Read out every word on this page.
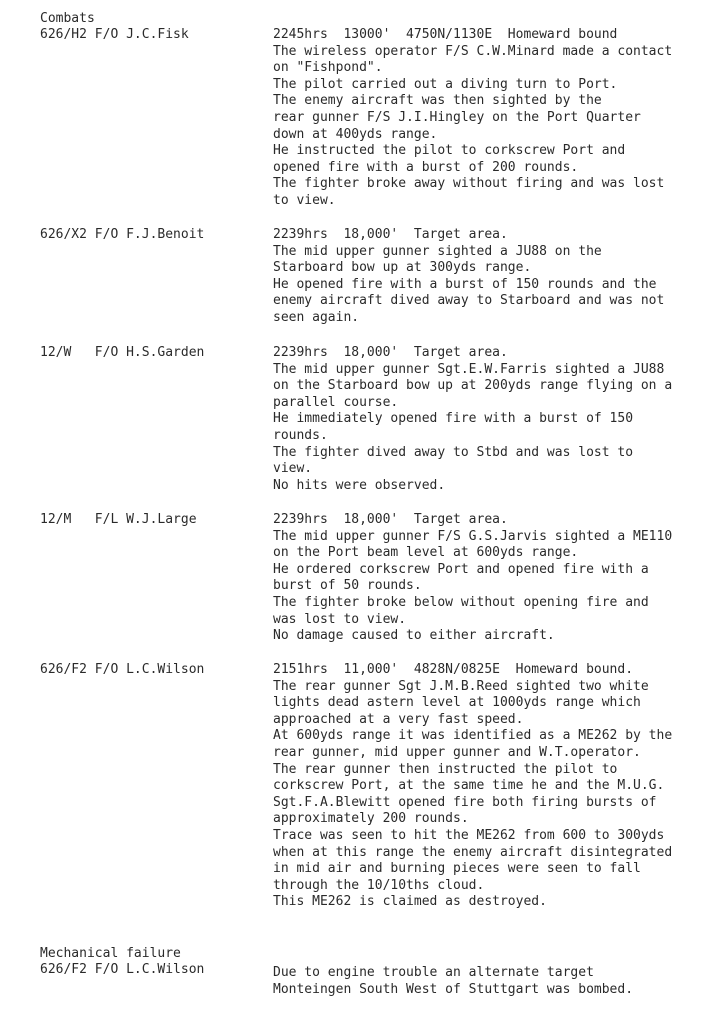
Combats
626/H2 F/O J.C.Fisk	2245hrs  13000'  4750N/1130E  Homeward bound
The wireless operator F/S C.W.Minard made a contact
on "Fishpond".
The pilot carried out a diving turn to Port.
The enemy aircraft was then sighted by the
rear gunner F/S J.I.Hingley on the Port Quarter
down at 400yds range.
He instructed the pilot to corkscrew Port and
opened fire with a burst of 200 rounds.
The fighter broke away without firing and was lost
to view.
626/X2 F/O F.J.Benoit	2239hrs  18,000'  Target area.
The mid upper gunner sighted a JU88 on the
Starboard bow up at 300yds range.
He opened fire with a burst of 150 rounds and the
enemy aircraft dived away to Starboard and was not
seen again.
12/W   F/O H.S.Garden	2239hrs  18,000'  Target area.
The mid upper gunner Sgt.E.W.Farris sighted a JU88
on the Starboard bow up at 200yds range flying on a
parallel course.
He immediately opened fire with a burst of 150
rounds.
The fighter dived away to Stbd and was lost to
view.
No hits were observed.
12/M   F/L W.J.Large	2239hrs  18,000'  Target area.
The mid upper gunner F/S G.S.Jarvis sighted a ME110
on the Port beam level at 600yds range.
He ordered corkscrew Port and opened fire with a
burst of 50 rounds.
The fighter broke below without opening fire and
was lost to view.
No damage caused to either aircraft.
626/F2 F/O L.C.Wilson	2151hrs  11,000'  4828N/0825E  Homeward bound.
The rear gunner Sgt J.M.B.Reed sighted two white
lights dead astern level at 1000yds range which
approached at a very fast speed.
At 600yds range it was identified as a ME262 by the
rear gunner, mid upper gunner and W.T.operator.
The rear gunner then instructed the pilot to
corkscrew Port, at the same time he and the M.U.G.
Sgt.F.A.Blewitt opened fire both firing bursts of
approximately 200 rounds.
Trace was seen to hit the ME262 from 600 to 300yds
when at this range the enemy aircraft disintegrated
in mid air and burning pieces were seen to fall
through the 10/10ths cloud.
This ME262 is claimed as destroyed.
Mechanical failure
626/F2 F/O L.C.Wilson	Due to engine trouble an alternate target
Monteingen South West of Stuttgart was bombed.
